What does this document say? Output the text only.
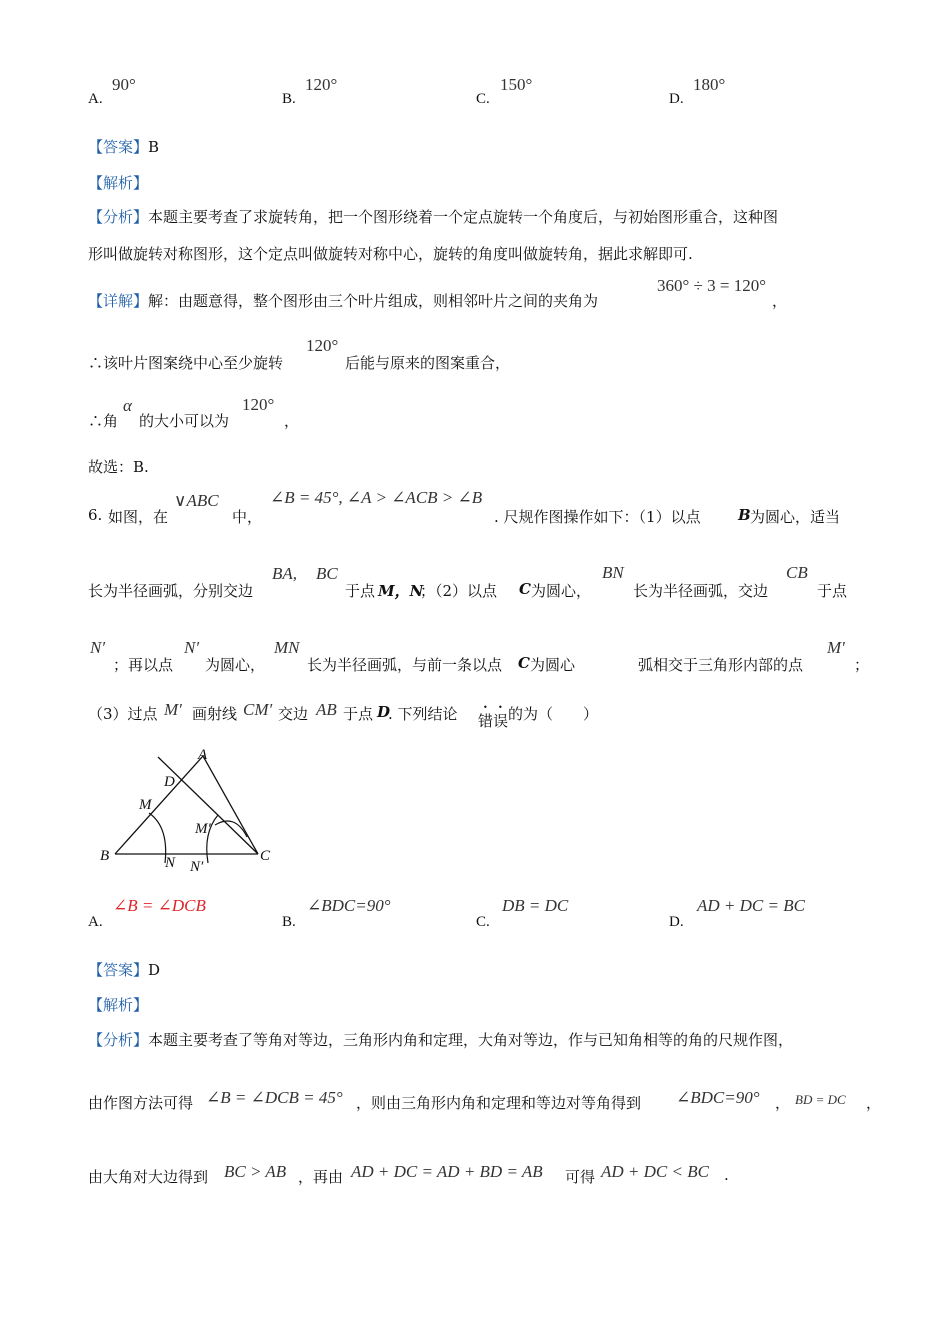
A.
90°
B.
120°
C.
150°
D.
180°
【答案】B
【解析】
【分析】本题主要考查了求旋转角，把一个图形绕着一个定点旋转一个角度后，与初始图形重合，这种图
形叫做旋转对称图形，这个定点叫做旋转对称中心，旋转的角度叫做旋转角，据此求解即可.
【详解】解：由题意得，整个图形由三个叶片组成，则相邻叶片之间的夹角为
360° ÷ 3 = 120°
，
∴该叶片图案绕中心至少旋转
120°
后能与原来的图案重合，
∴角
α
的大小可以为
120°
，
故选：B.
6. 如图，在
∨ABC
中，
∠B = 45°, ∠A > ∠ACB > ∠B
. 尺规作图操作如下：（1）以点 B 为圆心，适当
长为半径画弧，分别交边
BA, BC
于点 M，N
；（2）以点 C 为圆心，
BN
长为半径画弧，交边
CB
于点
N′
；再以点
N′
为圆心，
MN
长为半径画弧，与前一条以点 C 为圆心	弧相交于三角形内部的点
M′
；
（3）过点 M′ 画射线 CM′ 交边 AB 于点 D
. 下列结论 错误 的为（　　）
A
B	C
D
M
N
M′
N′
A.
∠B = ∠DCB
B.
∠BDC=90°
C.
DB = DC
D.
AD + DC = BC
【答案】D
【解析】
【分析】本题主要考查了等角对等边，三角形内角和定理，大角对等边，作与已知角相等的角的尺规作图，
由作图方法可得 ∠B = ∠DCB = 45° ，则由三角形内角和定理和等边对等角得到 ∠BDC=90° ， BD = DC ，
由大角对大边得到 BC > AB ，再由 AD + DC = AD + BD = AB 可得 AD + DC < BC .
